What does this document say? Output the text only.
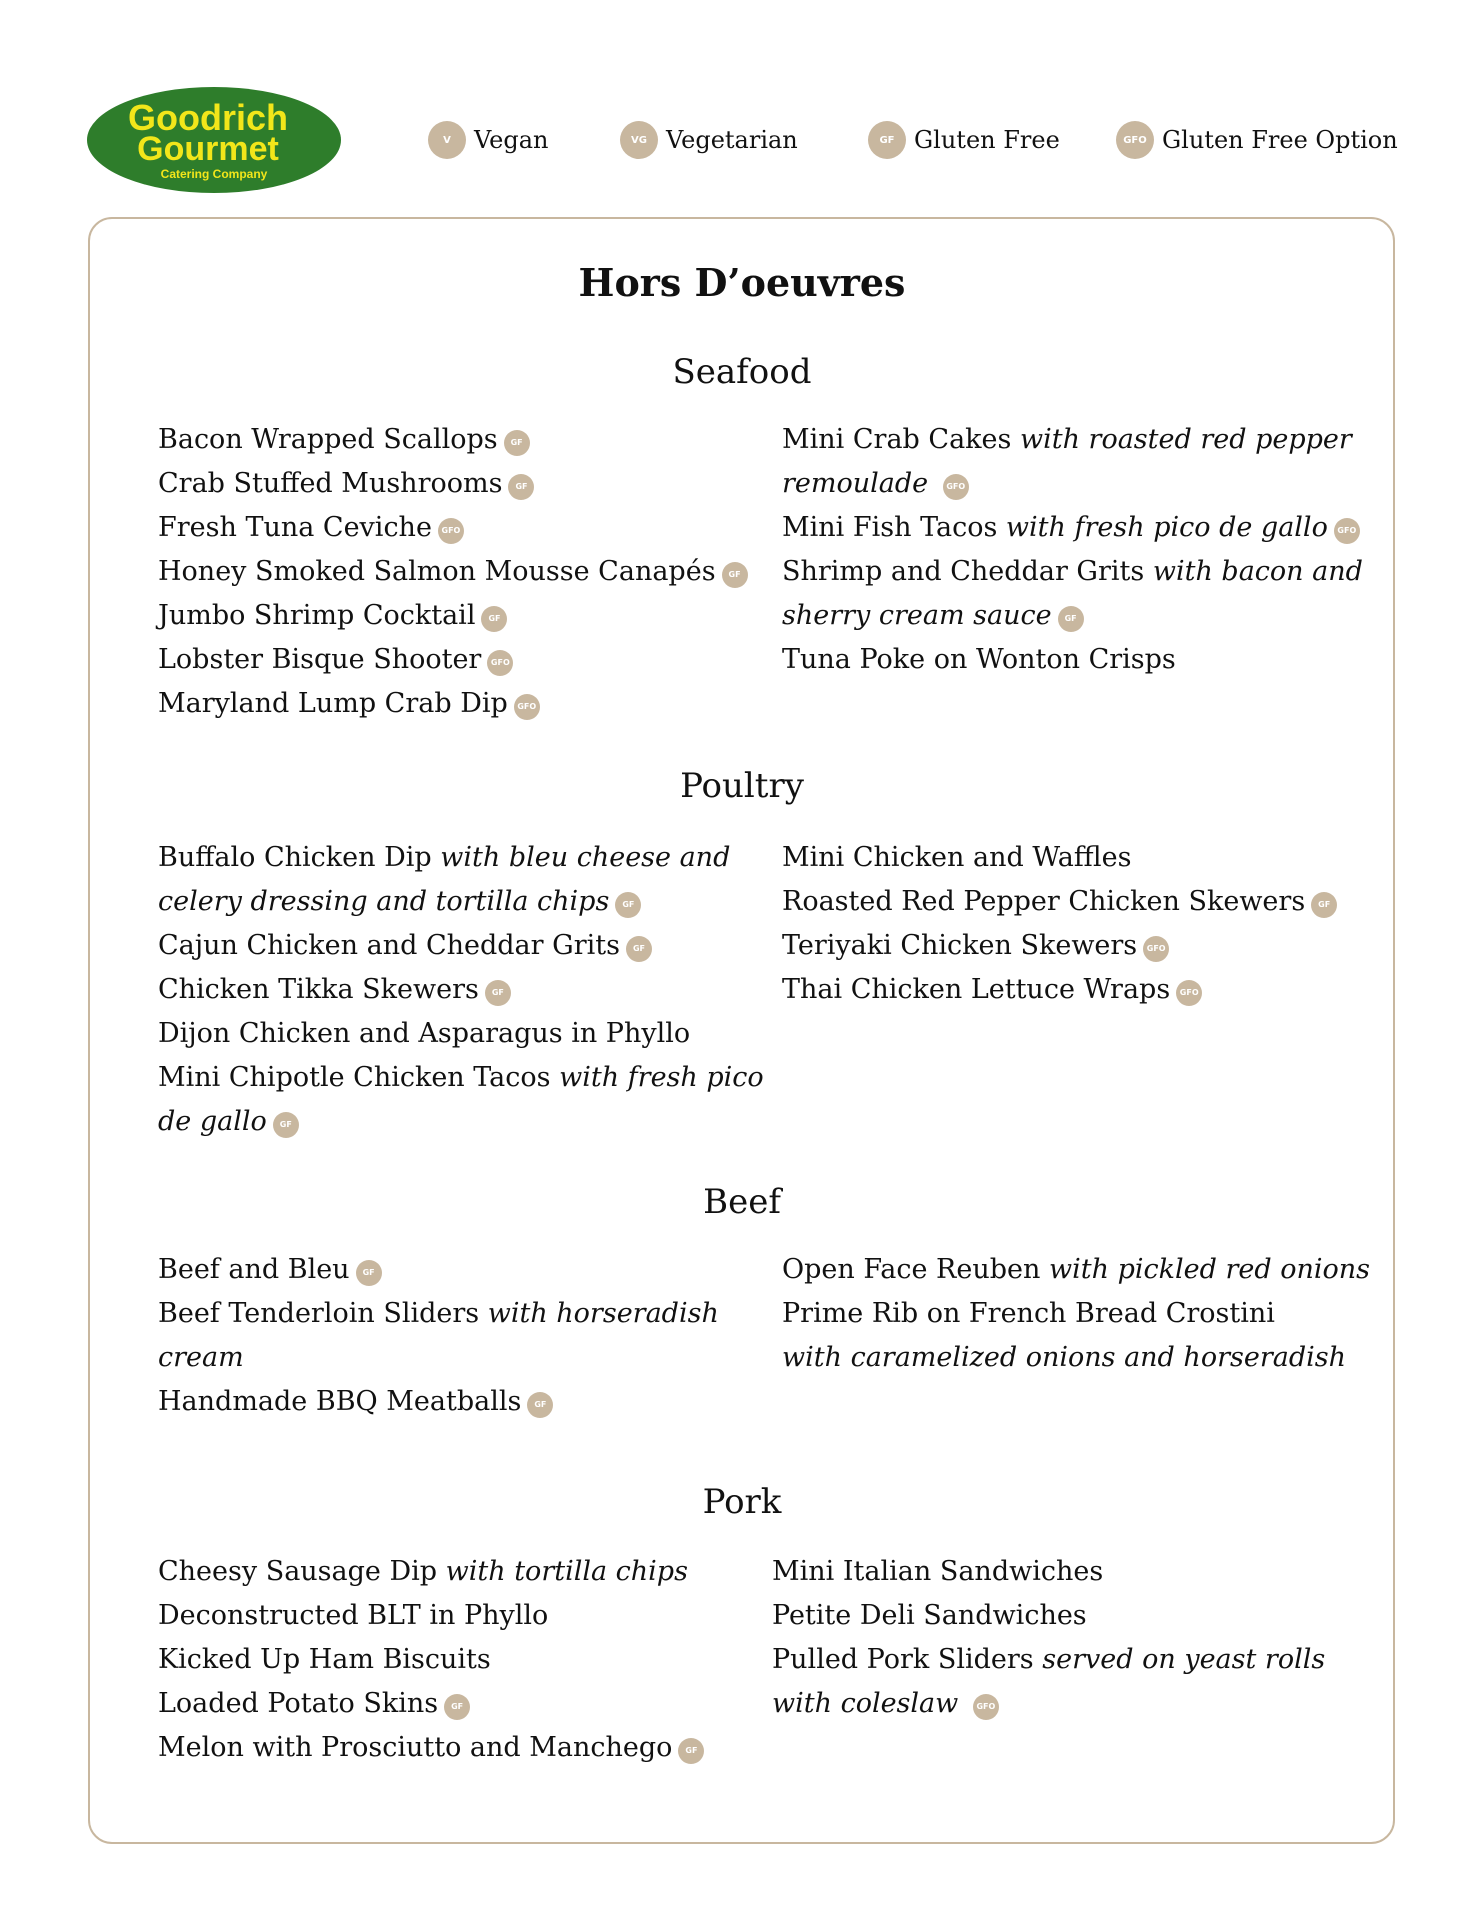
Goodrich
Gourmet
Catering Company
V Vegan	VG Vegetarian	GF Gluten Free	GFO Gluten Free Option
Hors D’oeuvres
Seafood
Bacon Wrapped Scallops GF
Crab Stuffed Mushrooms GF
Fresh Tuna Ceviche GFO
Honey Smoked Salmon Mousse Canapés GF
Jumbo Shrimp Cocktail GF
Lobster Bisque Shooter GFO
Maryland Lump Crab Dip GFO
Mini Crab Cakes with roasted red pepper
remoulade GFO
Mini Fish Tacos with fresh pico de gallo GFO
Shrimp and Cheddar Grits with bacon and
sherry cream sauce GF
Tuna Poke on Wonton Crisps
Poultry
Buffalo Chicken Dip with bleu cheese and
celery dressing and tortilla chips GF
Cajun Chicken and Cheddar Grits GF
Chicken Tikka Skewers GF
Dijon Chicken and Asparagus in Phyllo
Mini Chipotle Chicken Tacos with fresh pico
de gallo GF
Mini Chicken and Waffles
Roasted Red Pepper Chicken Skewers GF
Teriyaki Chicken Skewers GFO
Thai Chicken Lettuce Wraps GFO
Beef
Beef and Bleu GF
Beef Tenderloin Sliders with horseradish
cream
Handmade BBQ Meatballs GF
Open Face Reuben with pickled red onions
Prime Rib on French Bread Crostini
with caramelized onions and horseradish
Pork
Cheesy Sausage Dip with tortilla chips
Deconstructed BLT in Phyllo
Kicked Up Ham Biscuits
Loaded Potato Skins GF
Melon with Prosciutto and Manchego GF
Mini Italian Sandwiches
Petite Deli Sandwiches
Pulled Pork Sliders served on yeast rolls
with coleslaw GFO
